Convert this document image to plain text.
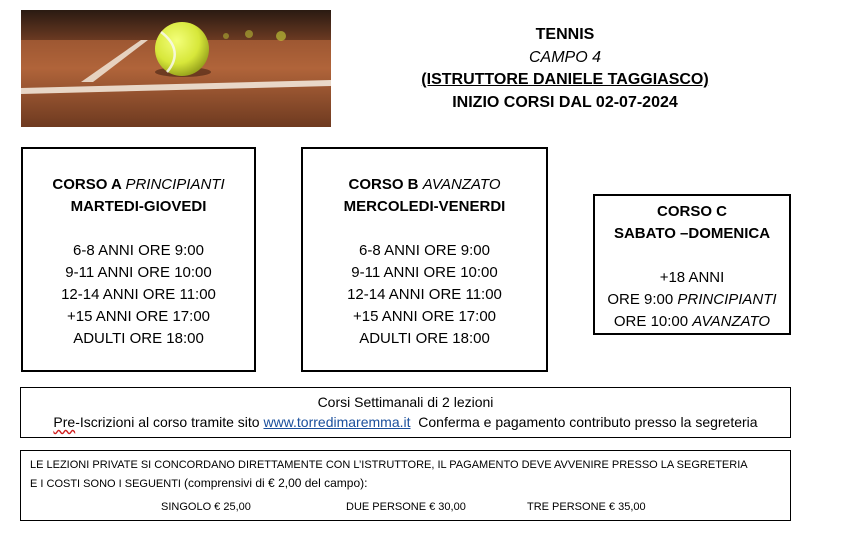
TENNIS
CAMPO 4
(ISTRUTTORE DANIELE TAGGIASCO)
INIZIO CORSI DAL 02-07-2024
CORSO A PRINCIPIANTI
MARTEDI-GIOVEDI
6-8 ANNI ORE 9:00
9-11 ANNI ORE 10:00
12-14 ANNI ORE 11:00
+15 ANNI ORE 17:00
ADULTI ORE 18:00
CORSO B AVANZATO
MERCOLEDI-VENERDI
6-8 ANNI ORE 9:00
9-11 ANNI ORE 10:00
12-14 ANNI ORE 11:00
+15 ANNI ORE 17:00
ADULTI ORE 18:00
CORSO C
SABATO –DOMENICA
+18 ANNI
ORE 9:00 PRINCIPIANTI
ORE 10:00 AVANZATO
Corsi Settimanali di 2 lezioni
Pre-Iscrizioni al corso tramite sito www.torredimaremma.it  Conferma e pagamento contributo presso la segreteria
LE LEZIONI PRIVATE SI CONCORDANO DIRETTAMENTE CON L’ISTRUTTORE, IL PAGAMENTO DEVE AVVENIRE PRESSO LA SEGRETERIA
E I COSTI SONO I SEGUENTI (comprensivi di € 2,00 del campo):
SINGOLO € 25,00	DUE PERSONE € 30,00	TRE PERSONE € 35,00
